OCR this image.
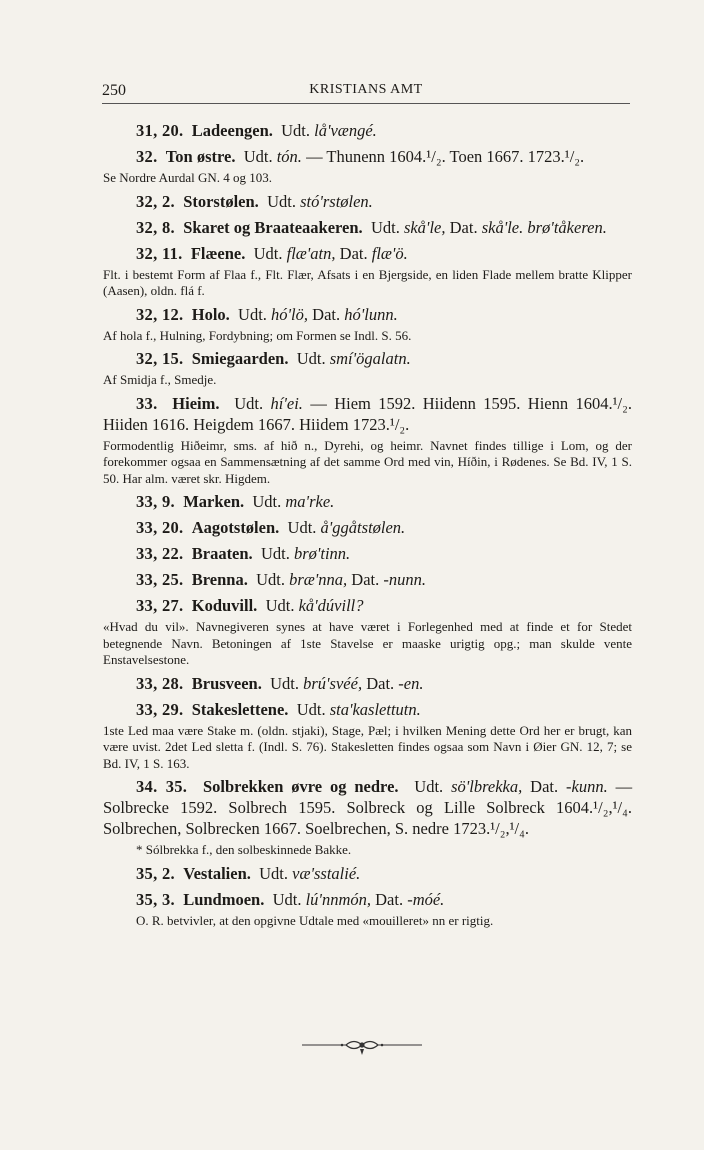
250	KRISTIANS AMT

31, 20. Ladeengen. Udt. lå'vængé.

32. Ton østre. Udt. tón. — Thunenn 1604.¹/₂. Toen 1667. 1723.¹/₂.

Se Nordre Aurdal GN. 4 og 103.

32, 2. Storstølen. Udt. stó'rstølen.

32, 8. Skaret og Braateaakeren. Udt. skå'le, Dat. skå'le. brø'tåkeren.

32, 11. Flæene. Udt. flæ'atn, Dat. flæ'ö.

Flt. i bestemt Form af Flaa f., Flt. Flær, Afsats i en Bjergside, en liden Flade mellem bratte Klipper (Aasen), oldn. flá f.

32, 12. Holo. Udt. hó'lö, Dat. hó'lunn.

Af hola f., Hulning, Fordybning; om Formen se Indl. S. 56.

32, 15. Smiegaarden. Udt. smí'ögalatn.

Af Smidja f., Smedje.

33. Hieim. Udt. hí'ei. — Hiem 1592. Hiidenn 1595. Hienn 1604.¹/₂. Hiiden 1616. Heigdem 1667. Hiidem 1723.¹/₂.

Formodentlig Hiðeimr, sms. af hið n., Dyrehi, og heimr. Navnet findes tillige i Lom, og der forekommer ogsaa en Sammensætning af det samme Ord med vin, Híðin, i Rødenes. Se Bd. IV, 1 S. 50. Har alm. været skr. Higdem.

33, 9. Marken. Udt. ma'rke.

33, 20. Aagotstølen. Udt. å'ggåtstølen.

33, 22. Braaten. Udt. brø'tinn.

33, 25. Brenna. Udt. bræ'nna, Dat. -nunn.

33, 27. Koduvill. Udt. kå'dúvill?

«Hvad du vil». Navnegiveren synes at have været i Forlegenhed med at finde et for Stedet betegnende Navn. Betoningen af 1ste Stavelse er maaske urigtig opg.; man skulde vente Enstavelsestone.

33, 28. Brusveen. Udt. brú'svéé, Dat. -en.

33, 29. Stakeslettene. Udt. sta'kaslettutn.

1ste Led maa være Stake m. (oldn. stjaki), Stage, Pæl; i hvilken Mening dette Ord her er brugt, kan være uvist. 2det Led sletta f. (Indl. S. 76). Stakesletten findes ogsaa som Navn i Øier GN. 12, 7; se Bd. IV, 1 S. 163.

34. 35. Solbrekken øvre og nedre. Udt. sö'lbrekka, Dat. -kunn. — Solbrecke 1592. Solbrech 1595. Solbreck og Lille Solbreck 1604.¹/₂,¹/₄. Solbrechen, Solbrecken 1667. Soelbrechen, S. nedre 1723.¹/₂,¹/₄.

* Sólbrekka f., den solbeskinnede Bakke.

35, 2. Vestalien. Udt. væ'sstalié.

35, 3. Lundmoen. Udt. lú'nnmón, Dat. -móé.

O. R. betvivler, at den opgivne Udtale med «mouilleret» nn er rigtig.
